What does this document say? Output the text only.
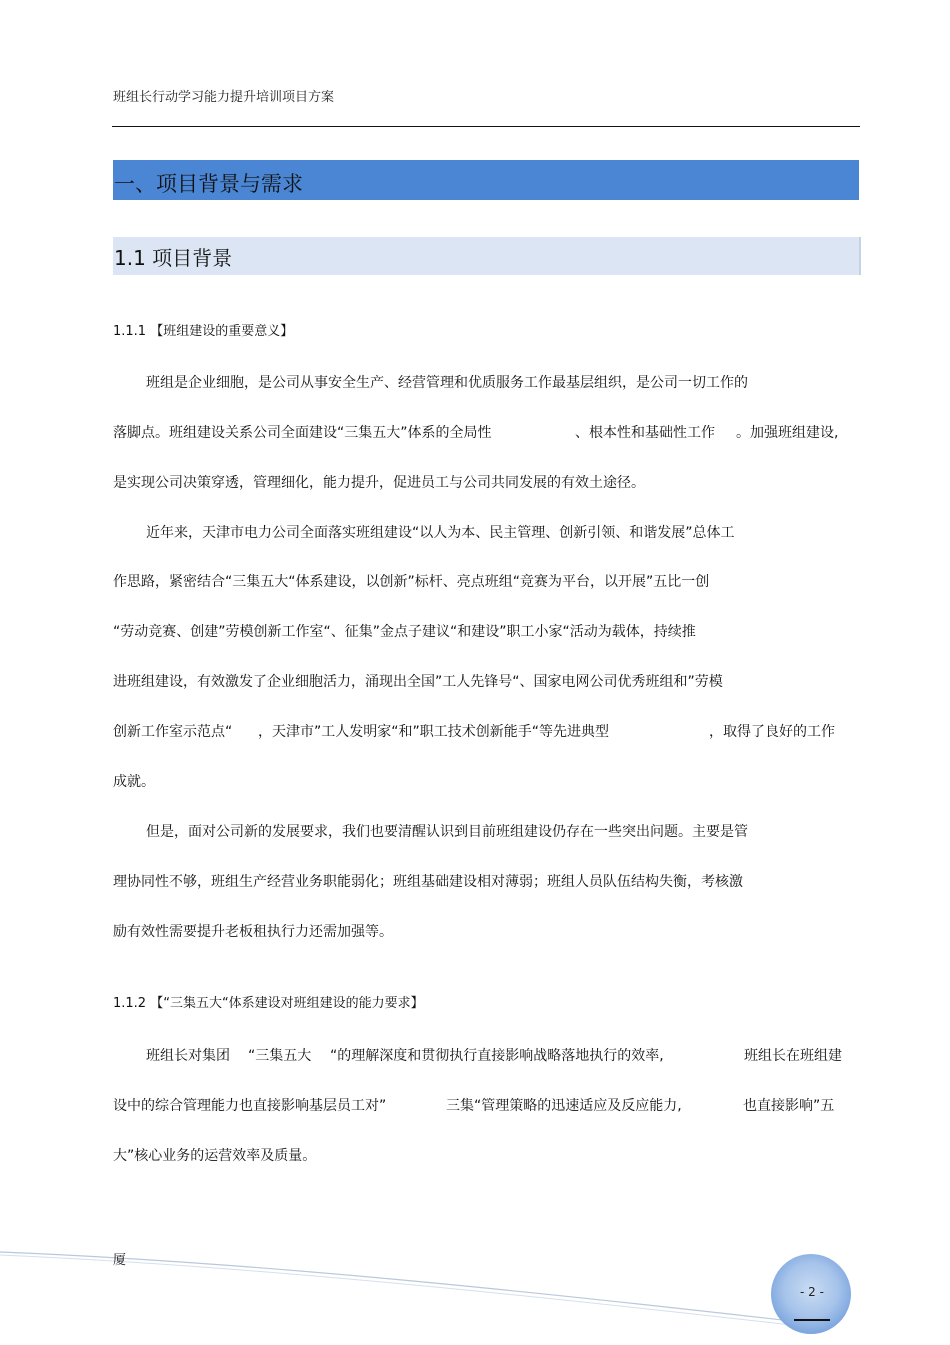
班组长行动学习能力提升培训项目方案
一、项目背景与需求
1.1 项目背景
1.1.1 【班组建设的重要意义】
班组是企业细胞，是公司从事安全生产、经营管理和优质服务工作最基层组织，是公司一切工作的
落脚点。班组建设关系公司全面建设“三集五大”体系的全局性	、根本性和基础性工作 。加强班组建设,
是实现公司决策穿透，管理细化，能力提升，促进员工与公司共同发展的有效土途径。
近年来，天津市电力公司全面落实班组建设“以人为本、民主管理、创新引领、和谐发展”总体工
作思路，紧密结合“三集五大“体系建设，以创新”标杆、亮点班组“竞赛为平台，以开展”五比一创
“劳动竞赛、创建”劳模创新工作室“、征集”金点子建议“和建设”职工小家“活动为载体，持续推
进班组建设，有效激发了企业细胞活力，涌现出全国”工人先锋号“、国家电网公司优秀班组和”劳模
创新工作室示范点“ ，天津市”工人发明家“和”职工技术创新能手“等先进典型	，取得了良好的工作
成就。
但是，面对公司新的发展要求，我们也要清醒认识到目前班组建设仍存在一些突出问题。主要是管
理协同性不够，班组生产经营业务职能弱化；班组基础建设相对薄弱；班组人员队伍结构失衡，考核激
励有效性需要提升老板租执行力还需加强等。
1.1.2 【“三集五大“体系建设对班组建设的能力要求】
班组长对集团 “三集五大 “的理解深度和贯彻执行直接影响战略落地执行的效率,	班组长在班组建
设中的综合管理能力也直接影响基层员工对”	三集“管理策略的迅速适应及反应能力,	也直接影响”五
大”核心业务的运营效率及质量。
厦
- 2 -
